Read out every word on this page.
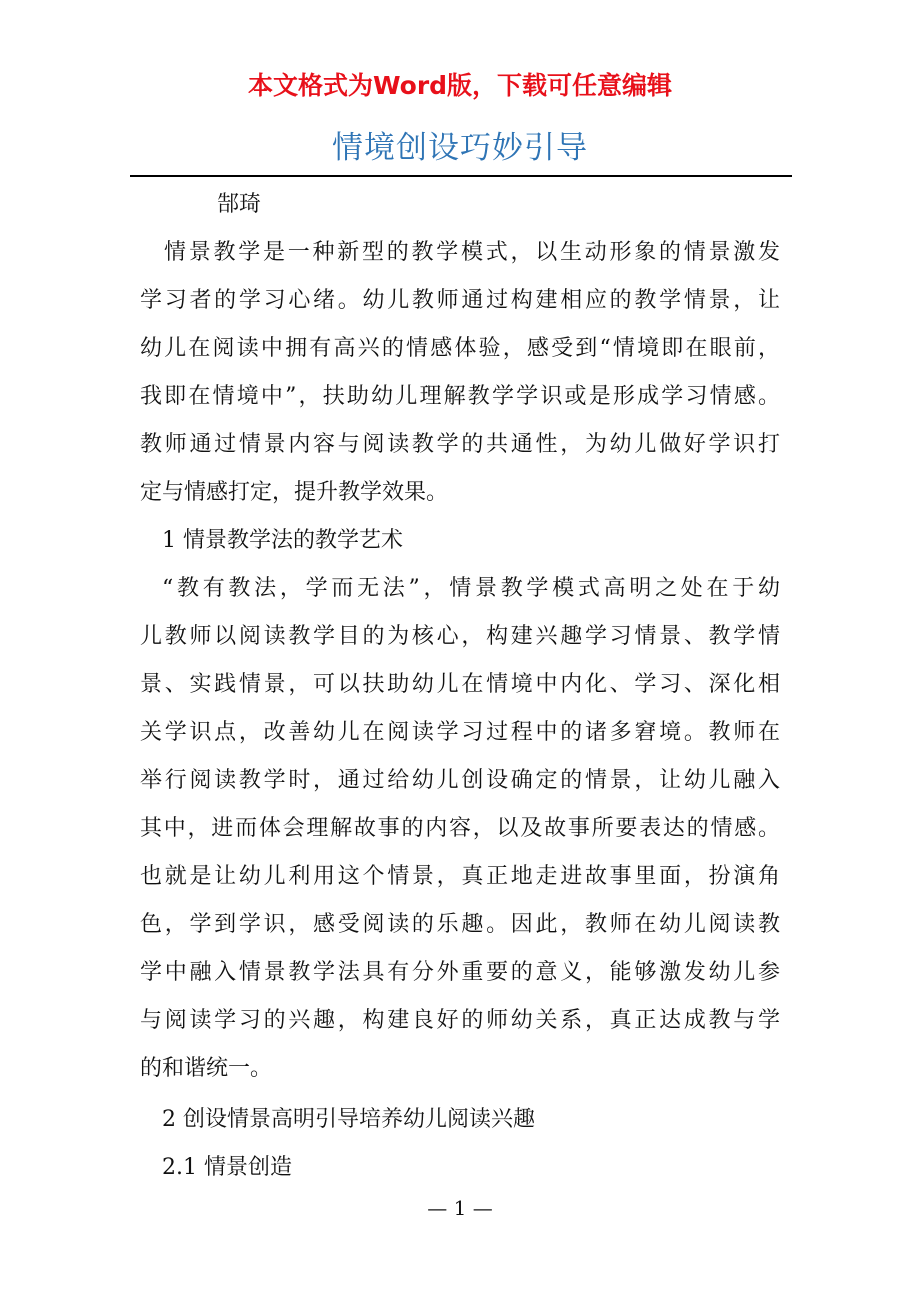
本文格式为Word版，下载可任意编辑
情境创设巧妙引导
郜琦
情景教学是一种新型的教学模式，以生动形象的情景激发
学习者的学习心绪。幼儿教师通过构建相应的教学情景，让
幼儿在阅读中拥有高兴的情感体验，感受到“情境即在眼前，
我即在情境中”，扶助幼儿理解教学学识或是形成学习情感。
教师通过情景内容与阅读教学的共通性，为幼儿做好学识打
定与情感打定，提升教学效果。
1 情景教学法的教学艺术
“教有教法，学而无法”，情景教学模式高明之处在于幼
儿教师以阅读教学目的为核心，构建兴趣学习情景、教学情
景、实践情景，可以扶助幼儿在情境中内化、学习、深化相
关学识点，改善幼儿在阅读学习过程中的诸多窘境。教师在
举行阅读教学时，通过给幼儿创设确定的情景，让幼儿融入
其中，进而体会理解故事的内容，以及故事所要表达的情感。
也就是让幼儿利用这个情景，真正地走进故事里面，扮演角
色，学到学识，感受阅读的乐趣。因此，教师在幼儿阅读教
学中融入情景教学法具有分外重要的意义，能够激发幼儿参
与阅读学习的兴趣，构建良好的师幼关系，真正达成教与学
的和谐统一。
2 创设情景高明引导培养幼儿阅读兴趣
2.1 情景创造
— 1 —
